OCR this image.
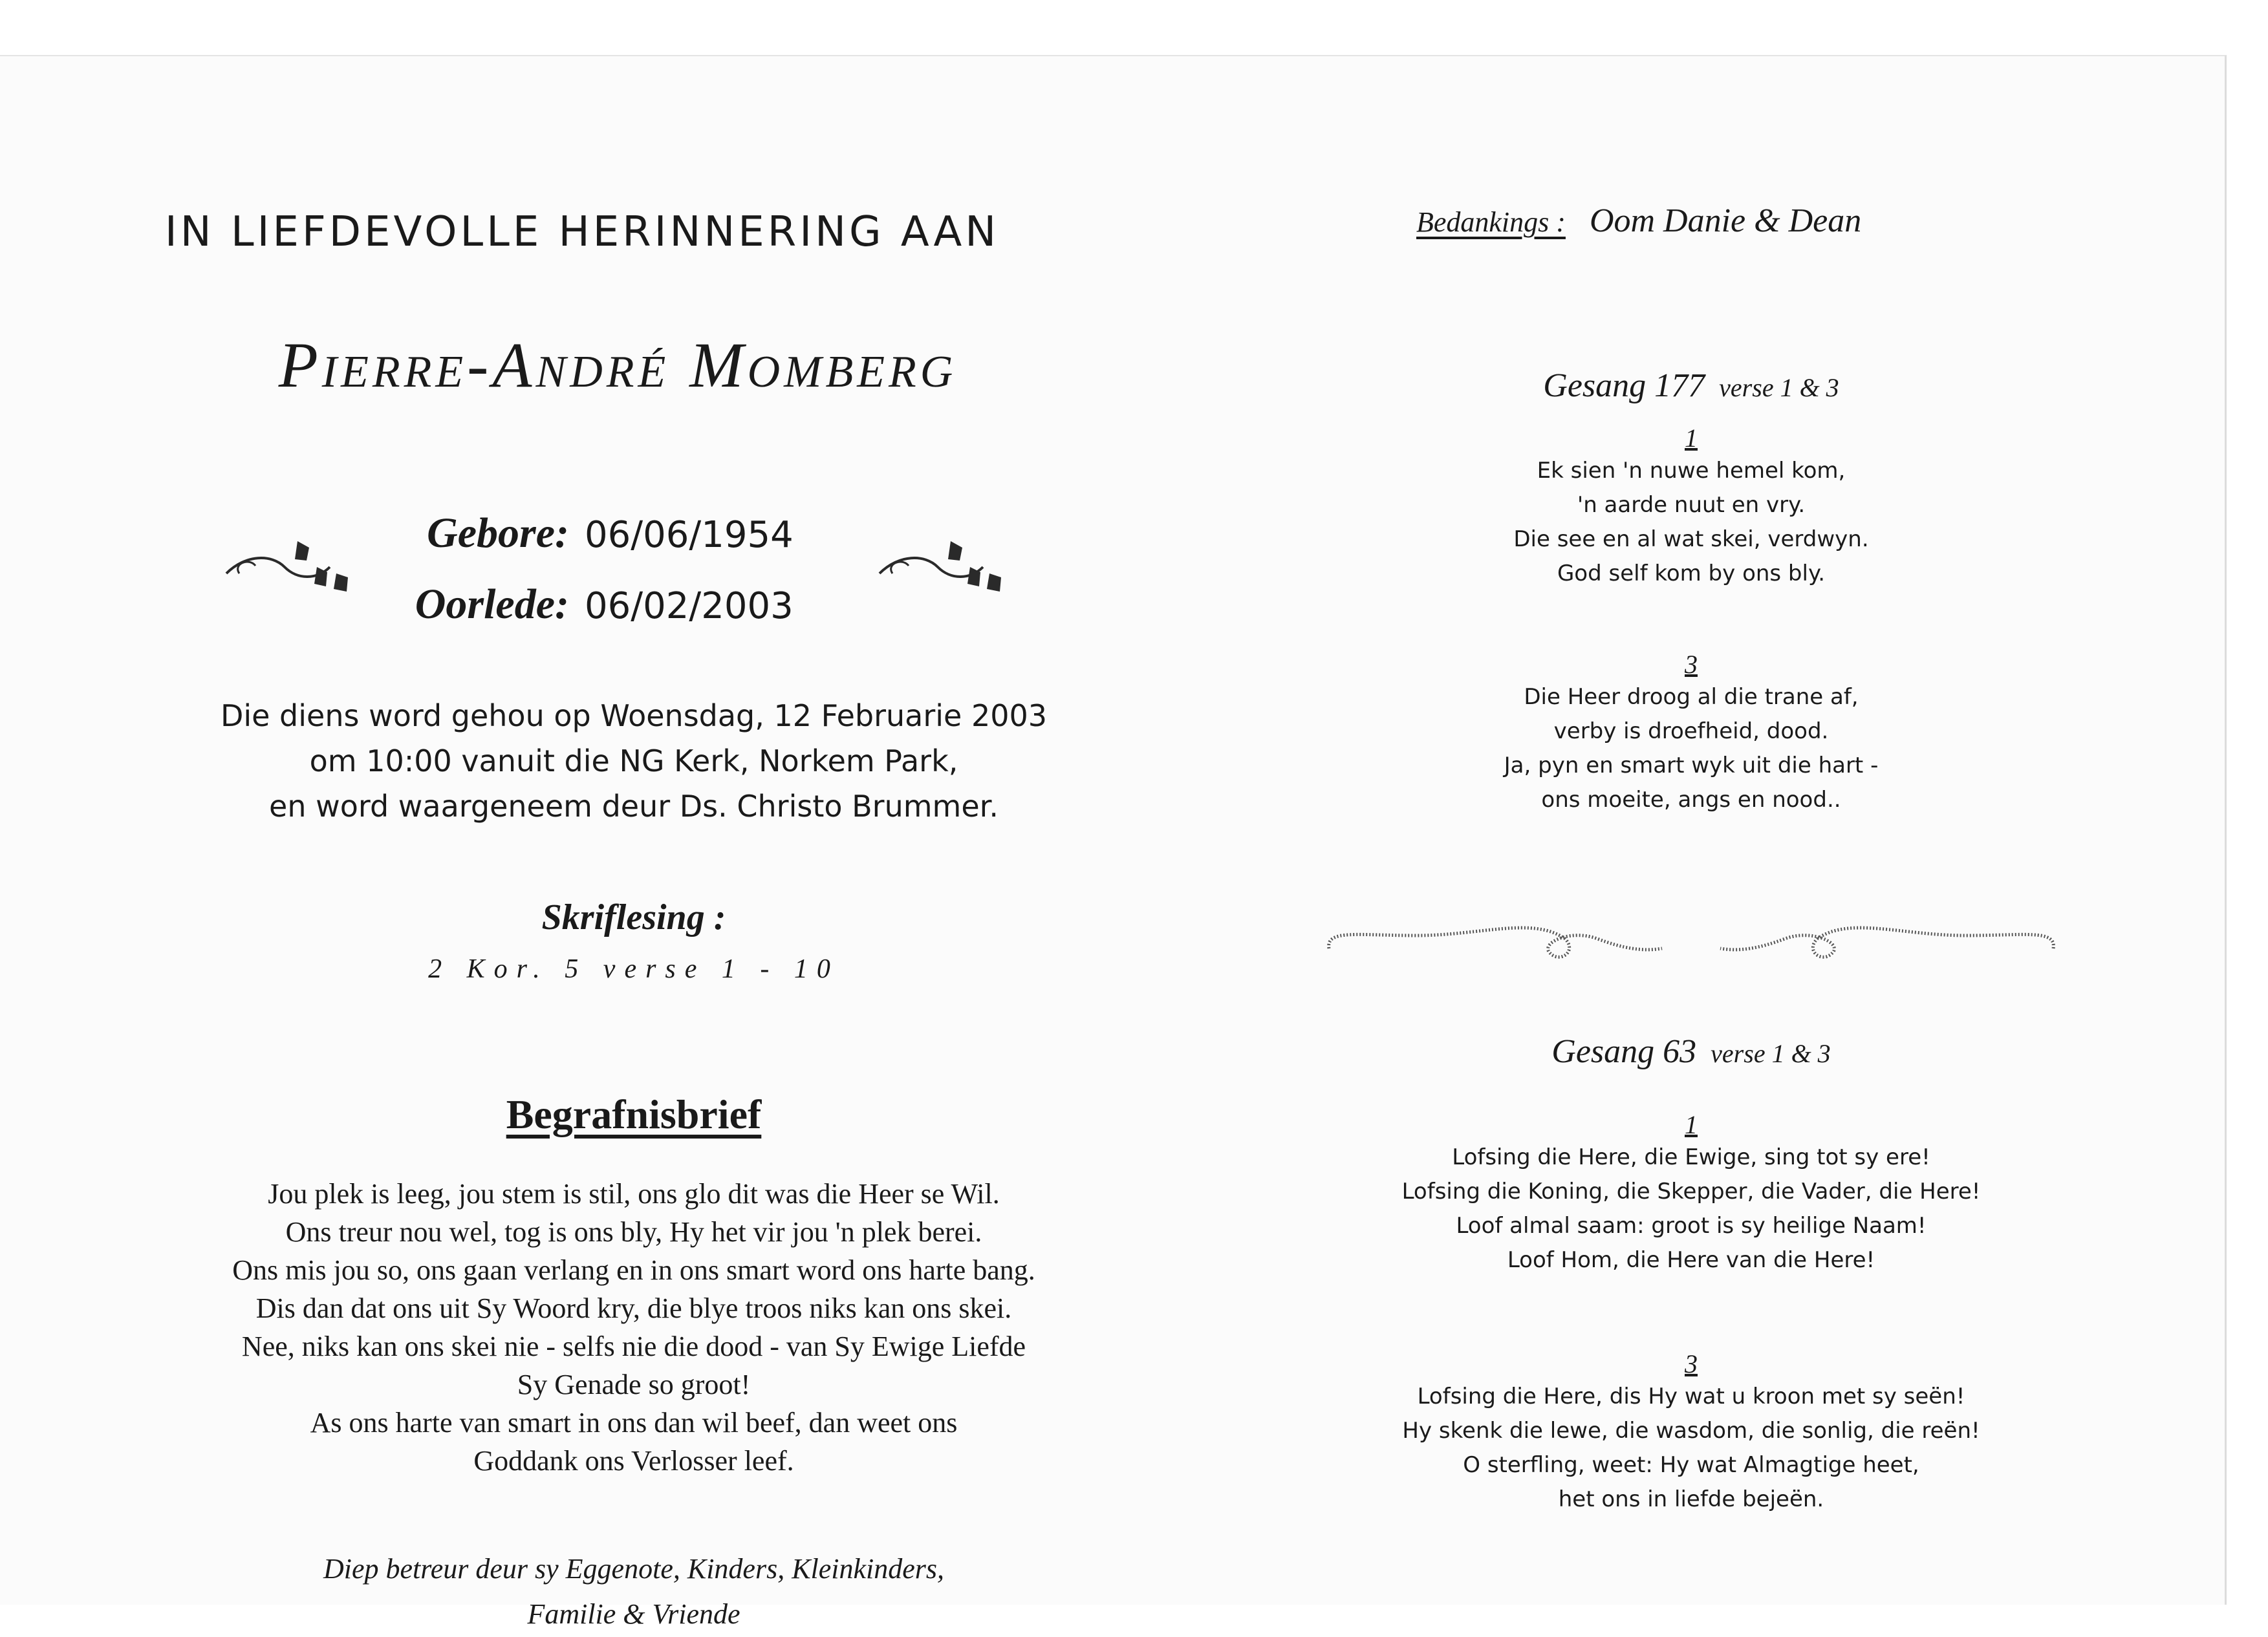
IN LIEFDEVOLLE HERINNERING AAN
Pierre-André Momberg
Gebore: 06/06/1954
Oorlede: 06/02/2003
Die diens word gehou op Woensdag, 12 Februarie 2003
om 10:00 vanuit die NG Kerk, Norkem Park,
en word waargeneem deur Ds. Christo Brummer.
Skriflesing :
2 Kor. 5 verse 1 - 10
Begrafnisbrief
Jou plek is leeg, jou stem is stil, ons glo dit was die Heer se Wil.
Ons treur nou wel, tog is ons bly, Hy het vir jou 'n plek berei.
Ons mis jou so, ons gaan verlang en in ons smart word ons harte bang.
Dis dan dat ons uit Sy Woord kry, die blye troos niks kan ons skei.
Nee, niks kan ons skei nie - selfs nie die dood - van Sy Ewige Liefde
Sy Genade so groot!
As ons harte van smart in ons dan wil beef, dan weet ons
Goddank ons Verlosser leef.
Diep betreur deur sy Eggenote, Kinders, Kleinkinders,
Familie & Vriende
Bedankings : Oom Danie & Dean
Gesang 177 verse 1 & 3
1
Ek sien 'n nuwe hemel kom,
'n aarde nuut en vry.
Die see en al wat skei, verdwyn.
God self kom by ons bly.
3
Die Heer droog al die trane af,
verby is droefheid, dood.
Ja, pyn en smart wyk uit die hart -
ons moeite, angs en nood..
Gesang 63 verse 1 & 3
1
Lofsing die Here, die Ewige, sing tot sy ere!
Lofsing die Koning, die Skepper, die Vader, die Here!
Loof almal saam: groot is sy heilige Naam!
Loof Hom, die Here van die Here!
3
Lofsing die Here, dis Hy wat u kroon met sy seën!
Hy skenk die lewe, die wasdom, die sonlig, die reën!
O sterfling, weet: Hy wat Almagtige heet,
het ons in liefde bejeën.
